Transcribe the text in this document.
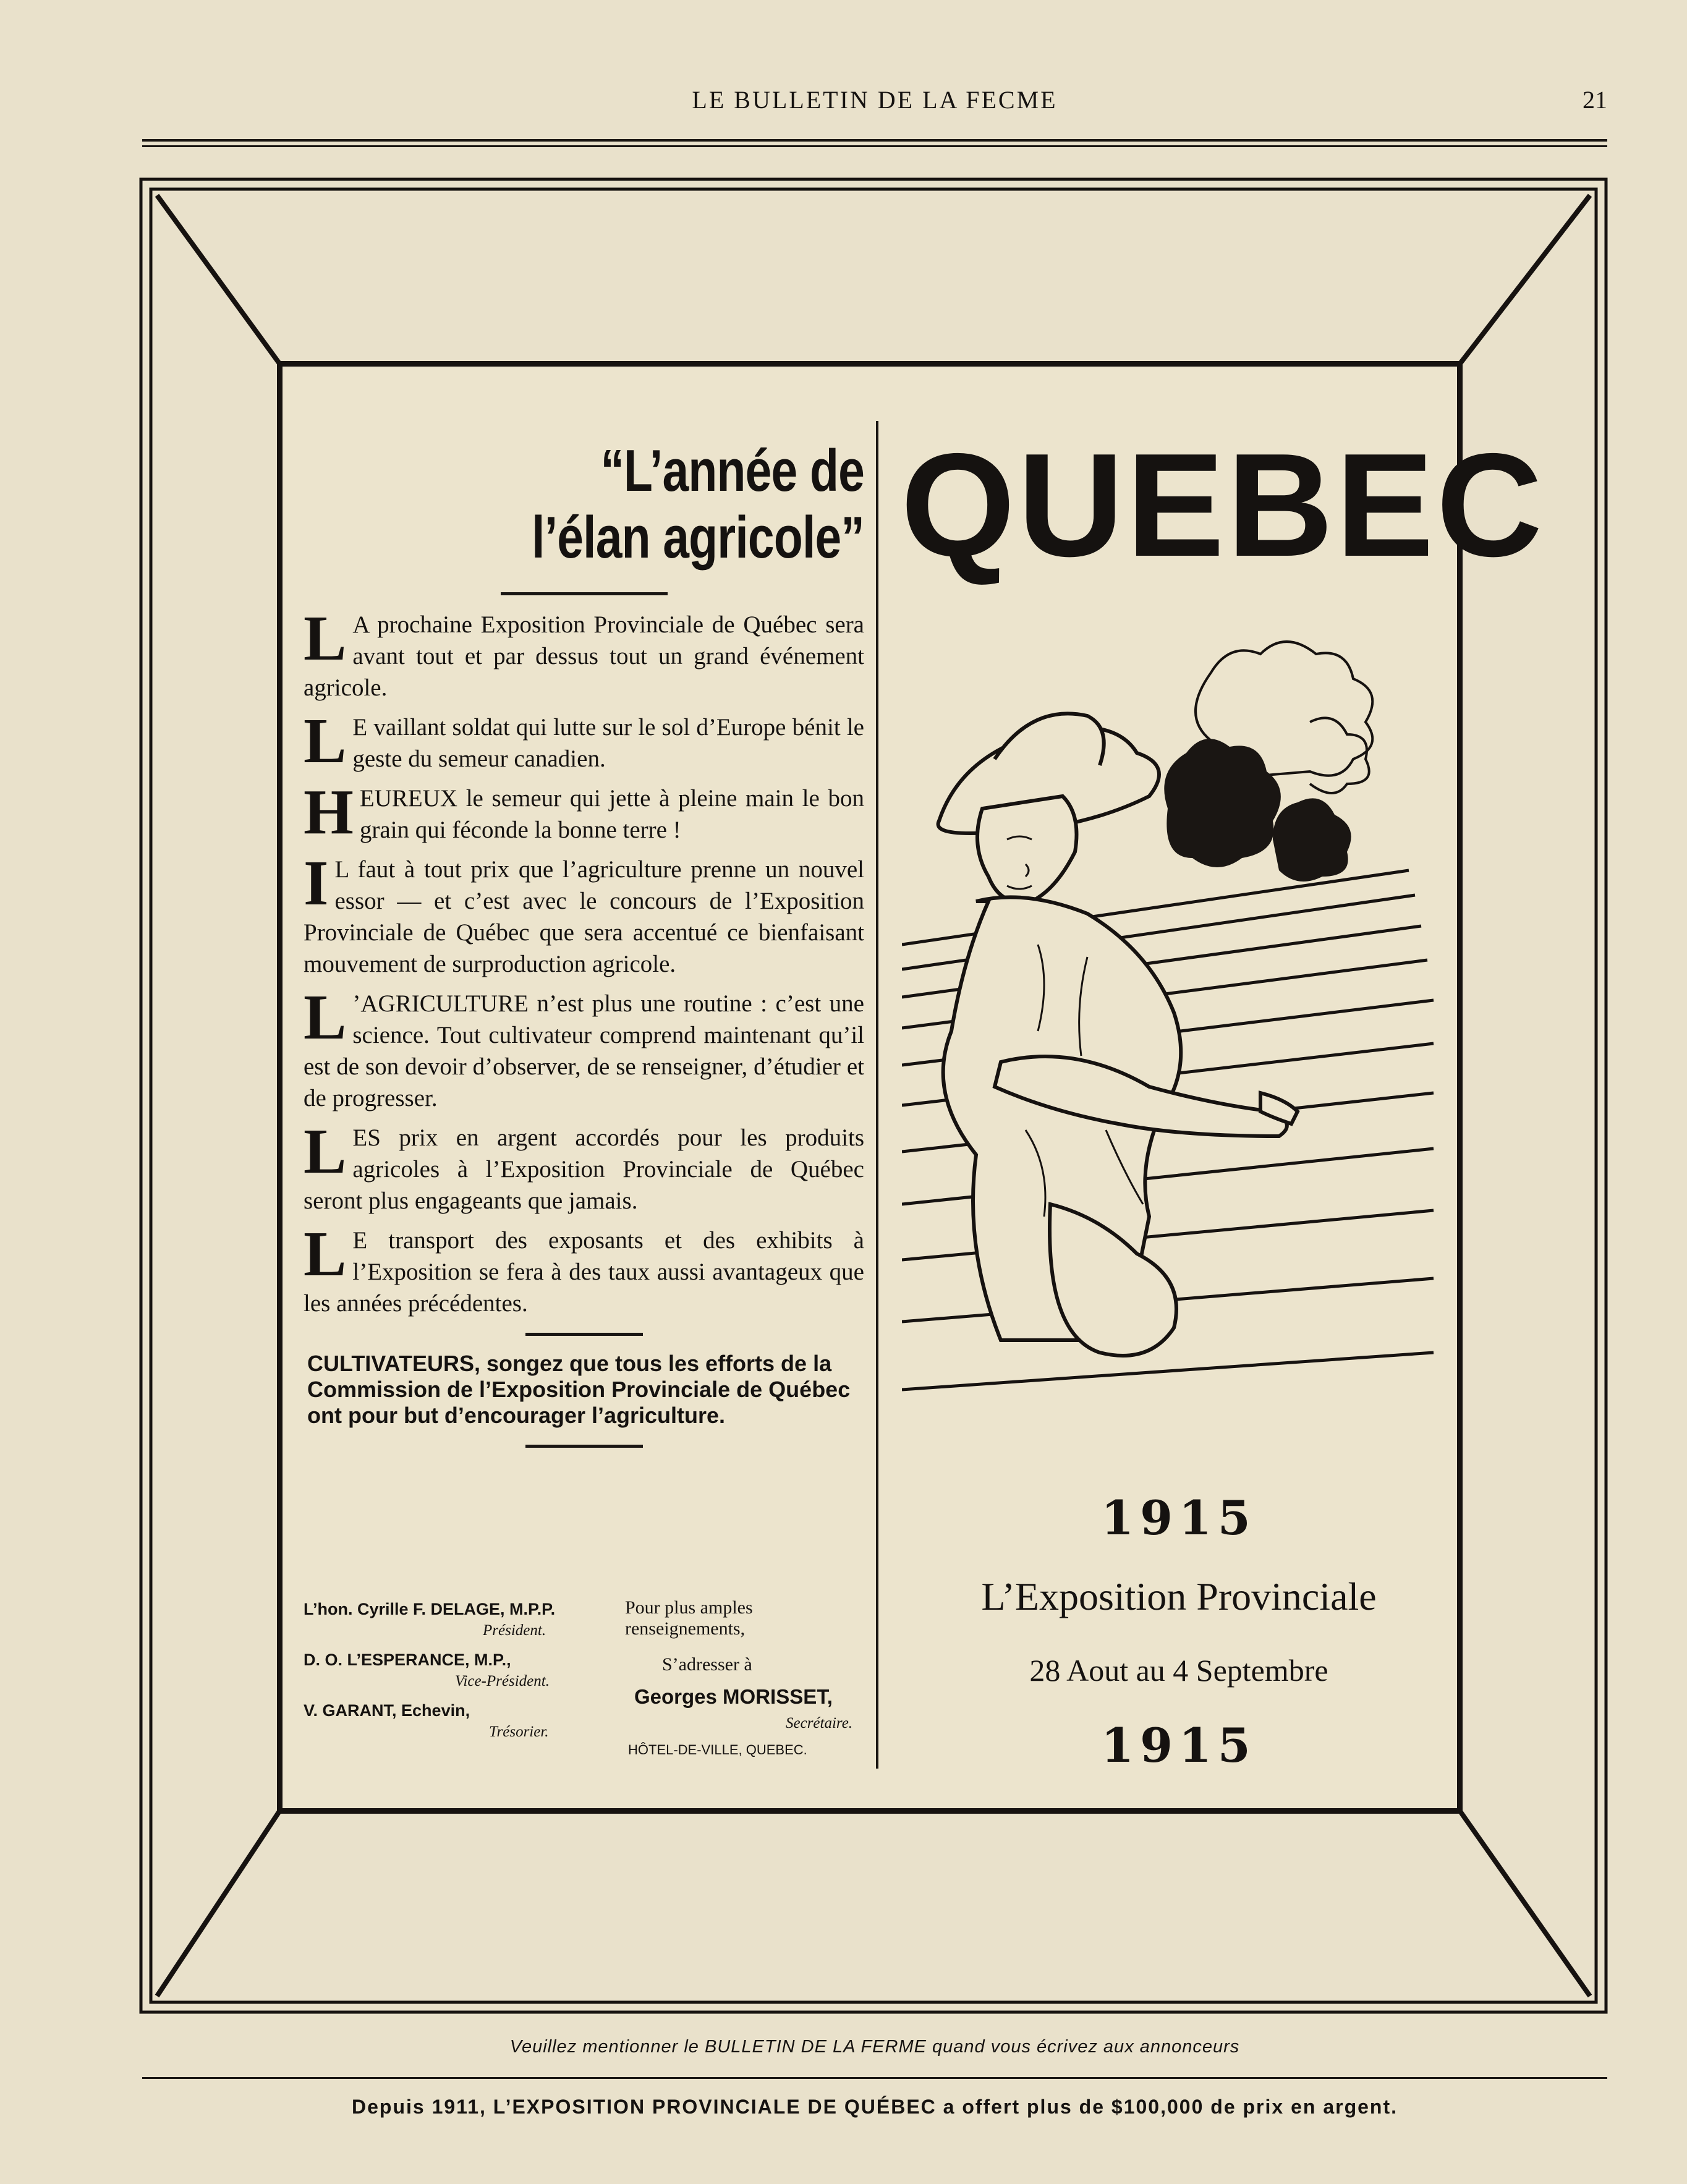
LE BULLETIN DE LA FECME	21
“L’année de
l’élan agricole”

L A prochaine Exposition Provinciale de Québec sera avant tout et par dessus tout un grand événement agricole.

L E vaillant soldat qui lutte sur le sol d’Europe bénit le geste du semeur canadien.

HEUREUX le semeur qui jette à pleine main le bon grain qui féconde la bonne terre !

I L faut à tout prix que l’agriculture prenne un nouvel essor — et c’est avec le concours de l’Exposition Provinciale de Québec que sera accentué ce bienfaisant mouvement de surproduction agricole.

L ’AGRICULTURE n’est plus une routine : c’est une science. Tout cultivateur comprend maintenant qu’il est de son devoir d’observer, de se renseigner, d’étudier et de progresser.

LES prix en argent accordés pour les produits agricoles à l’Exposition Provinciale de Québec seront plus engageants que jamais.

L E transport des exposants et des exhibits à l’Exposition se fera à des taux aussi avantageux que les années précédentes.

CULTIVATEURS, songez que tous les efforts de la Commission de l’Exposition Provinciale de Québec ont pour but d’encourager l’agriculture.
L’hon. Cyrille F. DELAGE, M.P.P.
Président.
D. O. L’ESPERANCE, M.P.,
Vice-Président.
V. GARANT, Echevin,
Trésorier.
Pour plus amples renseignements,
S’adresser à
Georges MORISSET,
Secrétaire.
HÔTEL-DE-VILLE, QUEBEC.
QUEBEC
1915
L’Exposition Provinciale
28 Aout au 4 Septembre
1915
Veuillez mentionner le BULLETIN DE LA FERME quand vous écrivez aux annonceurs
Depuis 1911, L’EXPOSITION PROVINCIALE DE QUÉBEC a offert plus de $100,000 de prix en argent.
